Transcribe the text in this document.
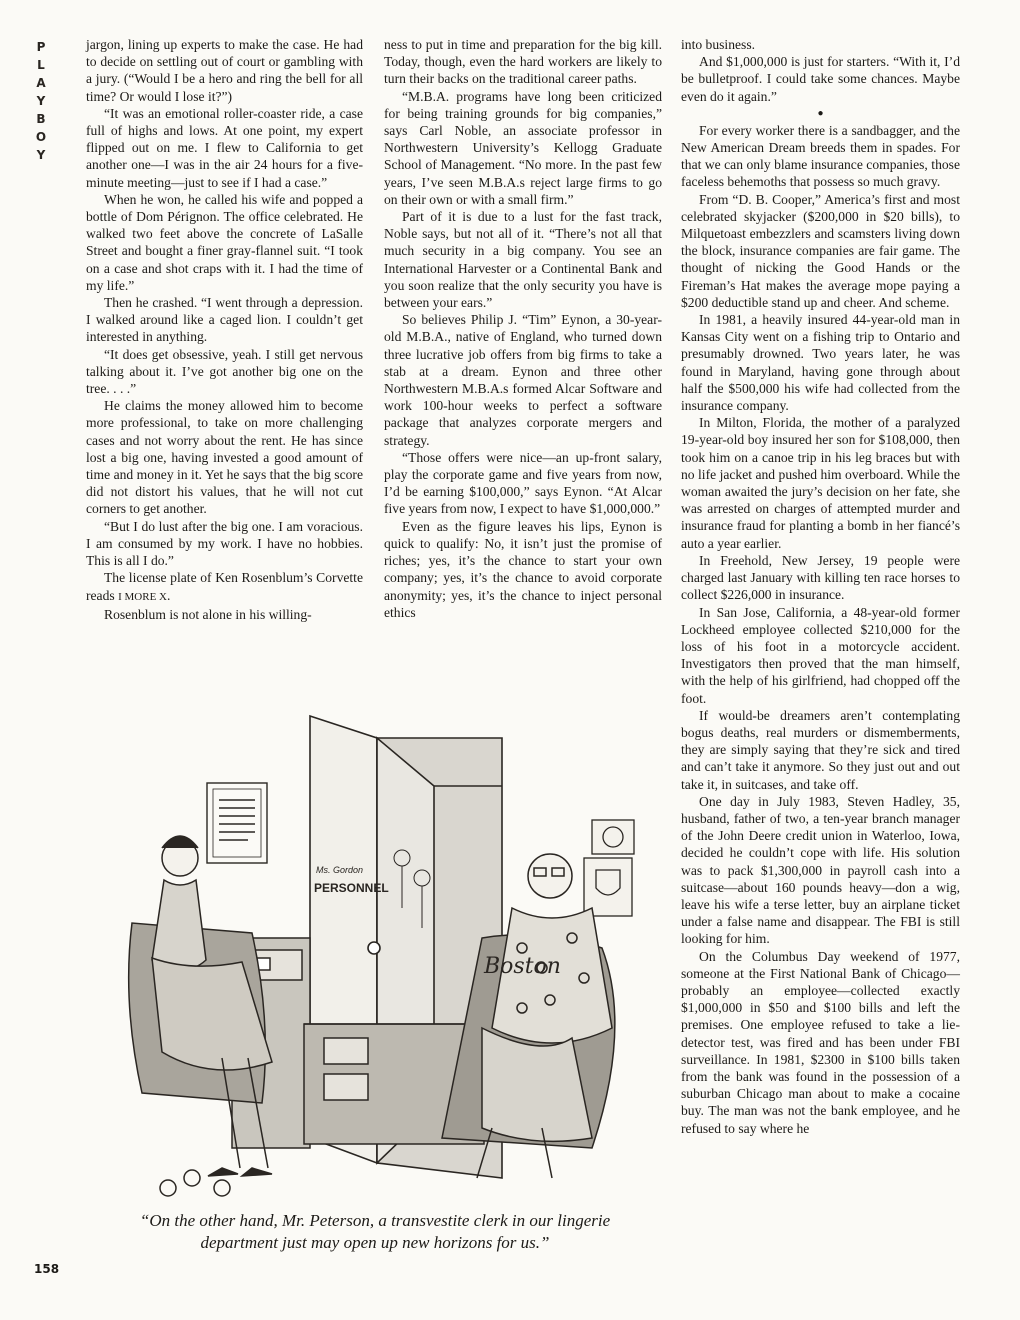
P
L
A
Y
B
O
Y

jargon, lining up experts to make the case. He had to decide on settling out of court or gambling with a jury. (“Would I be a hero and ring the bell for all time? Or would I lose it?”)

“It was an emotional roller-coaster ride, a case full of highs and lows. At one point, my expert flipped out on me. I flew to California to get another one—I was in the air 24 hours for a five-minute meeting—just to see if I had a case.”

When he won, he called his wife and popped a bottle of Dom Pérignon. The office celebrated. He walked two feet above the concrete of LaSalle Street and bought a finer gray-flannel suit. “I took on a case and shot craps with it. I had the time of my life.”

Then he crashed. “I went through a depression. I walked around like a caged lion. I couldn’t get interested in anything.

“It does get obsessive, yeah. I still get nervous talking about it. I’ve got another big one on the tree. . . .”

He claims the money allowed him to become more professional, to take on more challenging cases and not worry about the rent. He has since lost a big one, having invested a good amount of time and money in it. Yet he says that the big score did not distort his values, that he will not cut corners to get another.

“But I do lust after the big one. I am voracious. I am consumed by my work. I have no hobbies. This is all I do.”

The license plate of Ken Rosenblum’s Corvette reads I MORE X.

Rosenblum is not alone in his willing-

ness to put in time and preparation for the big kill. Today, though, even the hard workers are likely to turn their backs on the traditional career paths.

“M.B.A. programs have long been criticized for being training grounds for big companies,” says Carl Noble, an associate professor in Northwestern University’s Kellogg Graduate School of Management. “No more. In the past few years, I’ve seen M.B.A.s reject large firms to go on their own or with a small firm.”

Part of it is due to a lust for the fast track, Noble says, but not all of it. “There’s not all that much security in a big company. You see an International Harvester or a Continental Bank and you soon realize that the only security you have is between your ears.”

So believes Philip J. “Tim” Eynon, a 30-year-old M.B.A., native of England, who turned down three lucrative job offers from big firms to take a stab at a dream. Eynon and three other Northwestern M.B.A.s formed Alcar Software and work 100-hour weeks to perfect a software package that analyzes corporate mergers and strategy.

“Those offers were nice—an up-front salary, play the corporate game and five years from now, I’d be earning $100,000,” says Eynon. “At Alcar five years from now, I expect to have $1,000,000.”

Even as the figure leaves his lips, Eynon is quick to qualify: No, it isn’t just the promise of riches; yes, it’s the chance to start your own company; yes, it’s the chance to avoid corporate anonymity; yes, it’s the chance to inject personal ethics

into business.

And $1,000,000 is just for starters. “With it, I’d be bulletproof. I could take some chances. Maybe even do it again.”

●

For every worker there is a sandbagger, and the New American Dream breeds them in spades. For that we can only blame insurance companies, those faceless behemoths that possess so much gravy.

From “D. B. Cooper,” America’s first and most celebrated skyjacker ($200,000 in $20 bills), to Milquetoast embezzlers and scamsters living down the block, insurance companies are fair game. The thought of nicking the Good Hands or the Fireman’s Hat makes the average mope paying a $200 deductible stand up and cheer. And scheme.

In 1981, a heavily insured 44-year-old man in Kansas City went on a fishing trip to Ontario and presumably drowned. Two years later, he was found in Maryland, having gone through about half the $500,000 his wife had collected from the insurance company.

In Milton, Florida, the mother of a paralyzed 19-year-old boy insured her son for $108,000, then took him on a canoe trip in his leg braces but with no life jacket and pushed him overboard. While the woman awaited the jury’s decision on her fate, she was arrested on charges of attempted murder and insurance fraud for planting a bomb in her fiancé’s auto a year earlier.

In Freehold, New Jersey, 19 people were charged last January with killing ten race horses to collect $226,000 in insurance.

In San Jose, California, a 48-year-old former Lockheed employee collected $210,000 for the loss of his foot in a motorcycle accident. Investigators then proved that the man himself, with the help of his girlfriend, had chopped off the foot.

If would-be dreamers aren’t contemplating bogus deaths, real murders or dismemberments, they are simply saying that they’re sick and tired and can’t take it anymore. So they just out and out take it, in suitcases, and take off.

One day in July 1983, Steven Hadley, 35, husband, father of two, a ten-year branch manager of the John Deere credit union in Waterloo, Iowa, decided he couldn’t cope with life. His solution was to pack $1,300,000 in payroll cash into a suitcase—about 160 pounds heavy—don a wig, leave his wife a terse letter, buy an airplane ticket under a false name and disappear. The FBI is still looking for him.

On the Columbus Day weekend of 1977, someone at the First National Bank of Chicago—probably an employee—collected exactly $1,000,000 in $50 and $100 bills and left the premises. One employee refused to take a lie-detector test, was fired and has been under FBI surveillance. In 1981, $2300 in $100 bills taken from the bank was found in the possession of a suburban Chicago man about to make a cocaine buy. The man was not the bank employee, and he refused to say where he

Ms. Gordon
PERSONNEL
Boston
“On the other hand, Mr. Peterson, a transvestite clerk in our lingerie department just may open up new horizons for us.”
158
